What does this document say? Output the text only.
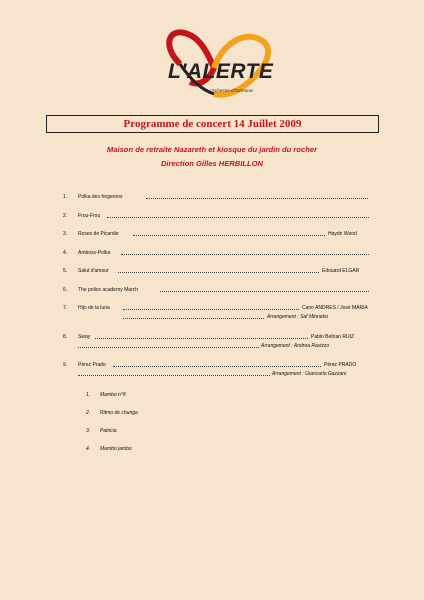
L'ALERTE
Orchestre d'harmonie
Programme de concert 14 Juillet 2009
Maison de retraite Nazareth et kiosque du jardin du rocher
Direction Gilles HERBILLON
1.	Polka des forgerons
2.	Frou-Frou
3.	Roses de Picardie	Haydn Wood
4.	Amboss-Polka
5.	Salut d'amour	Edouard ELGAR
6.	The police academy March
7.	Hijo de la luna	Cano ANDRES / José MARIA
Arrangement : Saf Minnebo
8.	Sway	Pablo Beltran RUIZ
Arrangement : Andrea Ravizzo
9.	Pérez Prado	Pérez PRADO
Arrangement : Giancarlo Gazzani
1.	Mambo n°8
2.	Ritmo de chunga
3.	Patricia
4.	Mambo jambo
